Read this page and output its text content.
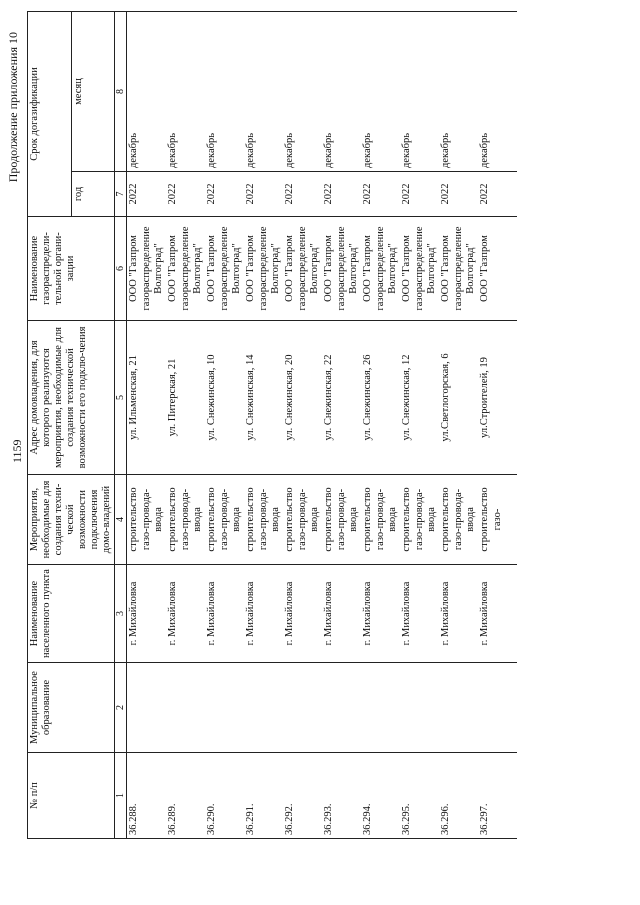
1159
Продолжение приложения 10
№ п/п	Муниципальное образование	Наименование населенного пункта	Мероприятия, необходимые для создания техни-ческой возможности подключения домо-владений	Адрес домовладения, для которого реализуются мероприятия, необходимые для создания технической возможности его подклю-чения	Наименование газораспредели-тельной органи-зации	Срок догазификации	
						год	месяц
1	2	3	4	5	6	7	8
36.288.		г. Михайловка	строительство газо-провода-ввода	ул. Ильменская, 21	ООО "Газпром газораспределение Волгоград"	2022	декабрь
36.289.		г. Михайловка	строительство газо-провода-ввода	ул. Питерская, 21	ООО "Газпром газораспределение Волгоград"	2022	декабрь
36.290.		г. Михайловка	строительство газо-провода-ввода	ул. Снежинская, 10	ООО "Газпром газораспределение Волгоград"	2022	декабрь
36.291.		г. Михайловка	строительство газо-провода-ввода	ул. Снежинская, 14	ООО "Газпром газораспределение Волгоград"	2022	декабрь
36.292.		г. Михайловка	строительство газо-провода-ввода	ул. Снежинская, 20	ООО "Газпром газораспределение Волгоград"	2022	декабрь
36.293.		г. Михайловка	строительство газо-провода-ввода	ул. Снежинская, 22	ООО "Газпром газораспределение Волгоград"	2022	декабрь
36.294.		г. Михайловка	строительство газо-провода-ввода	ул. Снежинская, 26	ООО "Газпром газораспределение Волгоград"	2022	декабрь
36.295.		г. Михайловка	строительство газо-провода-ввода	ул. Снежинская, 12	ООО "Газпром газораспределение Волгоград"	2022	декабрь
36.296.		г. Михайловка	строительство газо-провода-ввода	ул.Светлогорская, 6	ООО "Газпром газораспределение Волгоград"	2022	декабрь
36.297.		г. Михайловка	строительство газо-	ул.Строителей, 19	ООО "Газпром	2022	декабрь
